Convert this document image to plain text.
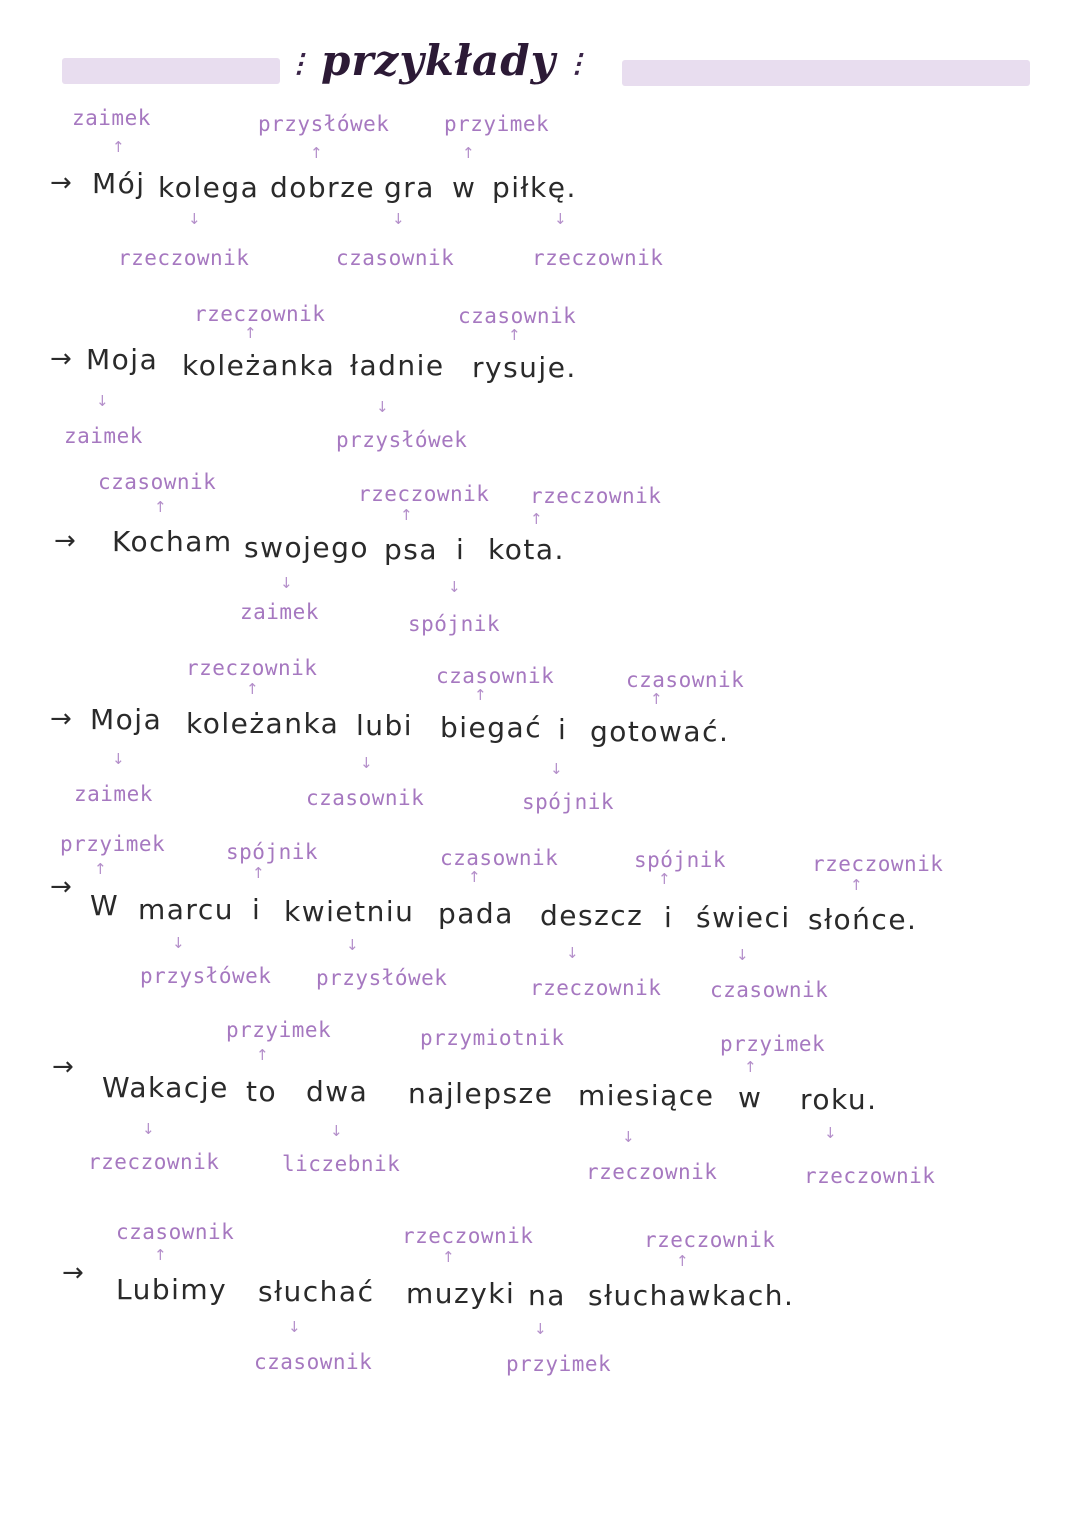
⋮ przykłady ⋮
zaimek	przysłówek	przyimek
↑	↑	↑
→ Mój kolega dobrze gra w piłkę.
↓	↓	↓
rzeczownik	czasownik	rzeczownik
rzeczownik	czasownik
↑	↑
→ Moja koleżanka ładnie rysuje.
↓	↓
zaimek	przysłówek
czasownik	rzeczownik rzeczownik
↑	↑	↑
→ Kocham swojego psa i kota.
↓	↓
zaimek	spójnik
rzeczownik	czasownik	czasownik
↑	↑	↑
→ Moja koleżanka lubi biegać i gotować.
↓	↓	↓
zaimek	czasownik	spójnik
przyimek	spójnik	czasownik	spójnik	rzeczownik
↑	↑	↑	↑	↑
→
W marcu i kwietniu pada deszcz i świeci słońce.
↓	↓	↓	↓
przysłówek przysłówek	rzeczownik czasownik
przyimek	przymiotnik	przyimek
↑
↑
→
Wakacje to dwa najlepsze miesiące w roku.
↓	↓	↓	↓
rzeczownik	liczebnik	rzeczownik	rzeczownik
czasownik	rzeczownik	rzeczownik
↑	↑	↑
→ Lubimy słuchać muzyki na słuchawkach.
↓	↓
czasownik	przyimek
